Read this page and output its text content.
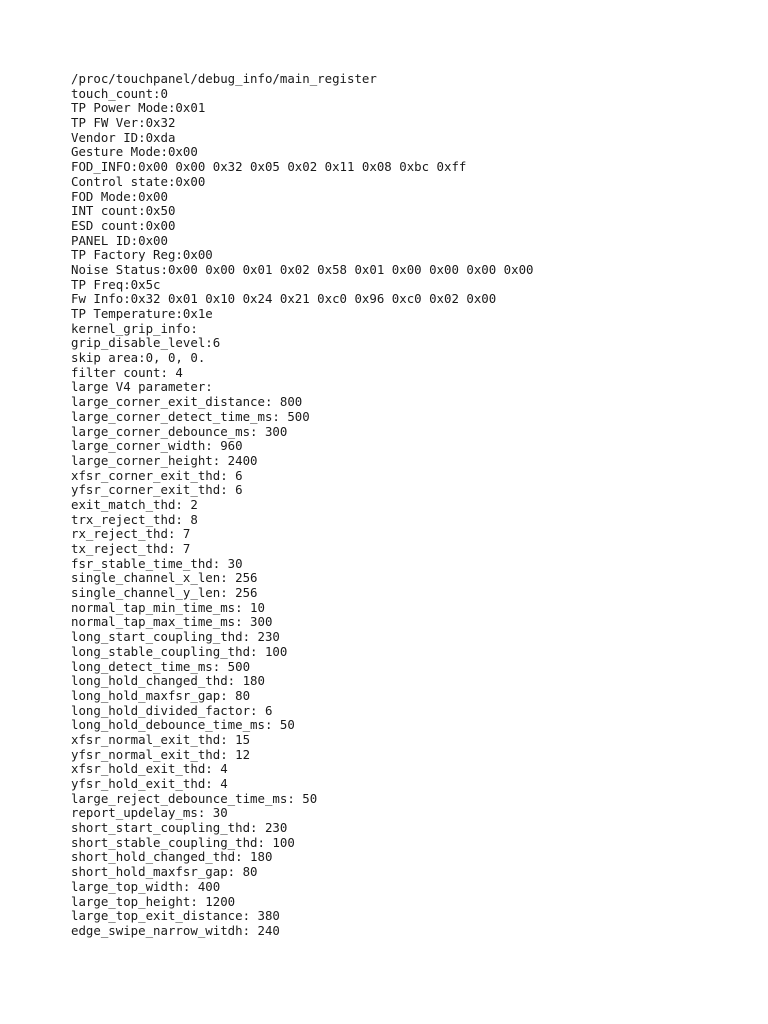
/proc/touchpanel/debug_info/main_register
touch_count:0
TP Power Mode:0x01
TP FW Ver:0x32
Vendor ID:0xda
Gesture Mode:0x00
FOD_INFO:0x00 0x00 0x32 0x05 0x02 0x11 0x08 0xbc 0xff
Control state:0x00
FOD Mode:0x00
INT count:0x50
ESD count:0x00
PANEL ID:0x00
TP Factory Reg:0x00
Noise Status:0x00 0x00 0x01 0x02 0x58 0x01 0x00 0x00 0x00 0x00
TP Freq:0x5c
Fw Info:0x32 0x01 0x10 0x24 0x21 0xc0 0x96 0xc0 0x02 0x00
TP Temperature:0x1e
kernel_grip_info:
grip_disable_level:6
skip area:0, 0, 0.
filter count: 4
large V4 parameter:
large_corner_exit_distance: 800
large_corner_detect_time_ms: 500
large_corner_debounce_ms: 300
large_corner_width: 960
large_corner_height: 2400
xfsr_corner_exit_thd: 6
yfsr_corner_exit_thd: 6
exit_match_thd: 2
trx_reject_thd: 8
rx_reject_thd: 7
tx_reject_thd: 7
fsr_stable_time_thd: 30
single_channel_x_len: 256
single_channel_y_len: 256
normal_tap_min_time_ms: 10
normal_tap_max_time_ms: 300
long_start_coupling_thd: 230
long_stable_coupling_thd: 100
long_detect_time_ms: 500
long_hold_changed_thd: 180
long_hold_maxfsr_gap: 80
long_hold_divided_factor: 6
long_hold_debounce_time_ms: 50
xfsr_normal_exit_thd: 15
yfsr_normal_exit_thd: 12
xfsr_hold_exit_thd: 4
yfsr_hold_exit_thd: 4
large_reject_debounce_time_ms: 50
report_updelay_ms: 30
short_start_coupling_thd: 230
short_stable_coupling_thd: 100
short_hold_changed_thd: 180
short_hold_maxfsr_gap: 80
large_top_width: 400
large_top_height: 1200
large_top_exit_distance: 380
edge_swipe_narrow_witdh: 240
